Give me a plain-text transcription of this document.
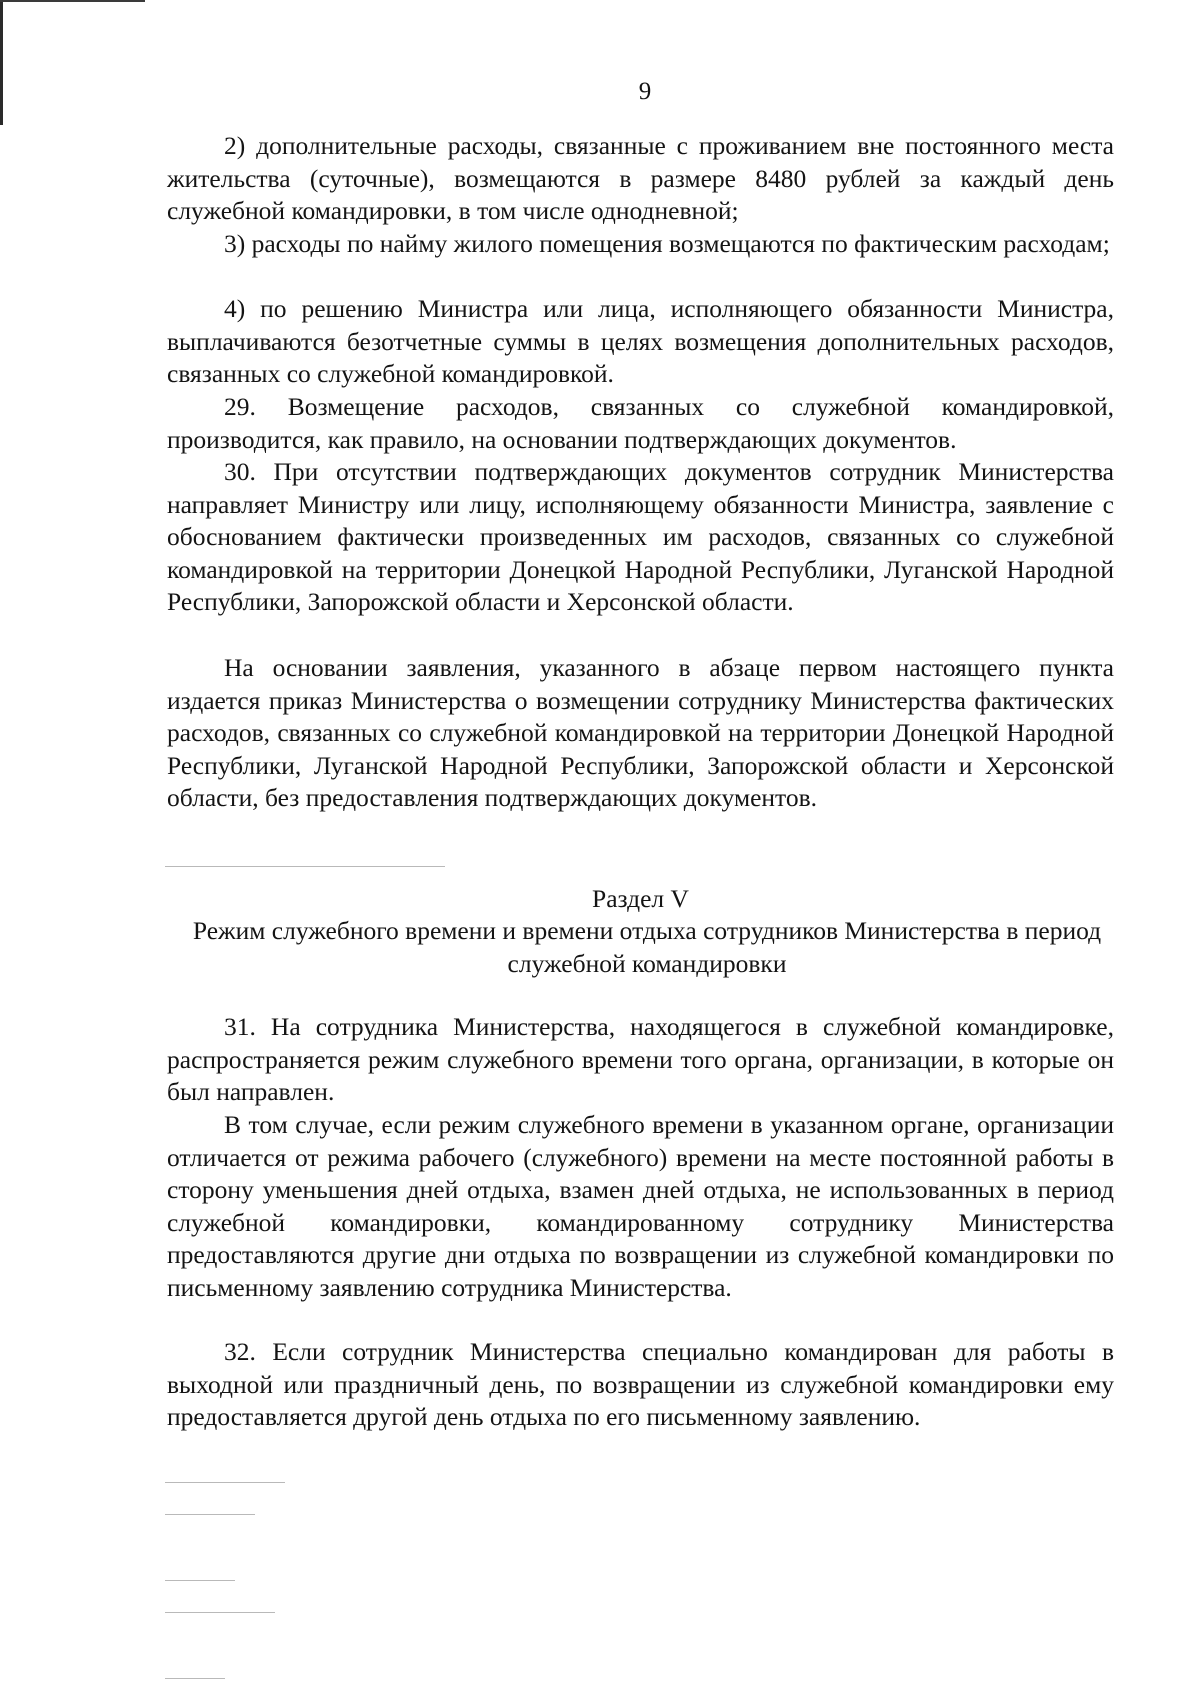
9

2) дополнительные расходы, связанные с проживанием вне постоянного места жительства (суточные), возмещаются в размере 8480 рублей за каждый день служебной командировки, в том числе однодневной;

3) расходы по найму жилого помещения возмещаются по фактическим расходам;

4) по решению Министра или лица, исполняющего обязанности Министра, выплачиваются безотчетные суммы в целях возмещения дополнительных расходов, связанных со служебной командировкой.

29. Возмещение расходов, связанных со служебной командировкой, производится, как правило, на основании подтверждающих документов.

30. При отсутствии подтверждающих документов сотрудник Министерства направляет Министру или лицу, исполняющему обязанности Министра, заявление с обоснованием фактически произведенных им расходов, связанных со служебной командировкой на территории Донецкой Народной Республики, Луганской Народной Республики, Запорожской области и Херсонской области.

На основании заявления, указанного в абзаце первом настоящего пункта издается приказ Министерства о возмещении сотруднику Министерства фактических расходов, связанных со служебной командировкой на территории Донецкой Народной Республики, Луганской Народной Республики, Запорожской области и Херсонской области, без предоставления подтверждающих документов.

Раздел V
Режим служебного времени и времени отдыха сотрудников Министерства в период служебной командировки

31. На сотрудника Министерства, находящегося в служебной командировке, распространяется режим служебного времени того органа, организации, в которые он был направлен.

В том случае, если режим служебного времени в указанном органе, организации отличается от режима рабочего (служебного) времени на месте постоянной работы в сторону уменьшения дней отдыха, взамен дней отдыха, не использованных в период служебной командировки, командированному сотруднику Министерства предоставляются другие дни отдыха по возвращении из служебной командировки по письменному заявлению сотрудника Министерства.

32. Если сотрудник Министерства специально командирован для работы в выходной или праздничный день, по возвращении из служебной командировки ему предоставляется другой день отдыха по его письменному заявлению.
